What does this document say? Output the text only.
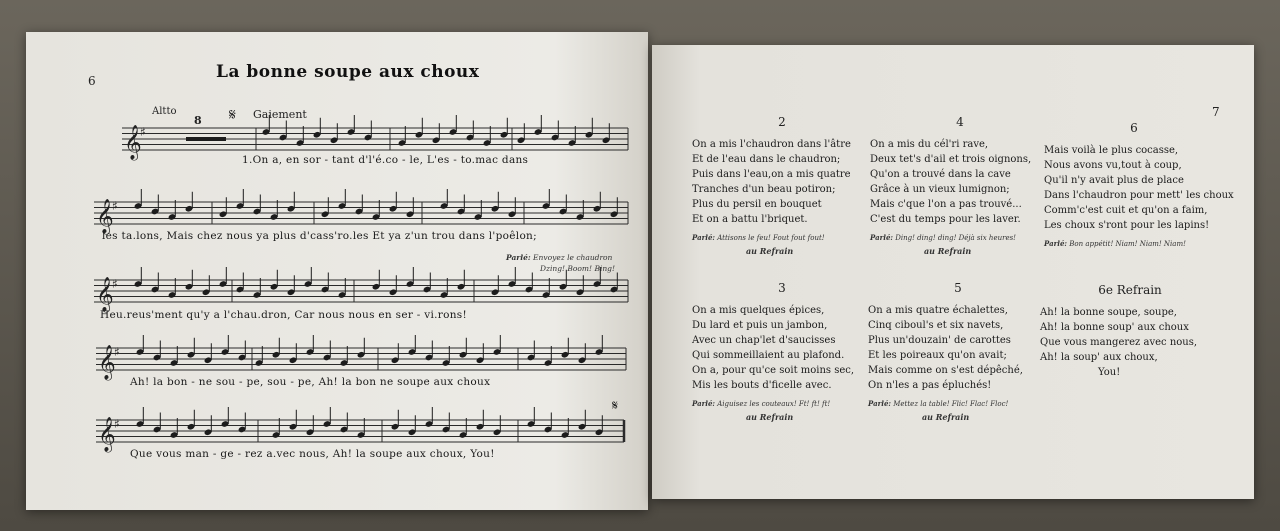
6	La bonne soupe aux choux
Altto
8	Gaiement
𝄞
♯
𝄞
♯
𝄞
♯
𝄞
♯
𝄞
♯
𝄋
𝄋
1.On a, en sor - tant d'l'é.co - le, L'es - to.mac dans
les ta.lons, Mais chez nous ya plus d'cass'ro.les Et ya z'un trou dans l'poêlon;
Heu.reus'ment qu'y a l'chau.dron, Car nous nous en ser - vi.rons!
Ah! la bon - ne sou - pe, sou - pe, Ah! la bon ne soupe aux choux
Que vous man - ge - rez a.vec nous, Ah! la soupe aux choux, You!
Parlé: Envoyez le chaudron
Dzing! Boom! Bing!
7
2
On a mis l'chaudron dans l'âtre
Et de l'eau dans le chaudron;
Puis dans l'eau,on a mis quatre
Tranches d'un beau potiron;
Plus du persil en bouquet
Et on a battu l'briquet.
Parlé: Attisons le feu! Fout fout fout!
au Refrain
4
On a mis du cél'ri rave,
Deux tet's d'ail et trois oignons,
Qu'on a trouvé dans la cave
Grâce à un vieux lumignon;
Mais c'que l'on a pas trouvé...
C'est du temps pour les laver.
Parlé: Ding! ding! ding! Déjà six heures!
au Refrain
6
Mais voilà le plus cocasse,
Nous avons vu,tout à coup,
Qu'il n'y avait plus de place
Dans l'chaudron pour mett' les choux
Comm'c'est cuit et qu'on a faim,
Les choux s'ront pour les lapins!
Parlé: Bon appétit! Niam! Niam! Niam!
3
On a mis quelques épices,
Du lard et puis un jambon,
Avec un chap'let d'saucisses
Qui sommeillaient au plafond.
On a, pour qu'ce soit moins sec,
Mis les bouts d'ficelle avec.
Parlé: Aiguisez les couteaux! Ft! ft! ft!
au Refrain
5
On a mis quatre échalettes,
Cinq ciboul's et six navets,
Plus un'douzain' de carottes
Et les poireaux qu'on avait;
Mais comme on s'est dépêché,
On n'les a pas épluchés!
Parlé: Mettez la table! Flic! Flac! Floc!
au Refrain
6e Refrain
Ah! la bonne soupe, soupe,
Ah! la bonne soup' aux choux
Que vous mangerez avec nous,
Ah! la soup' aux choux,
You!
